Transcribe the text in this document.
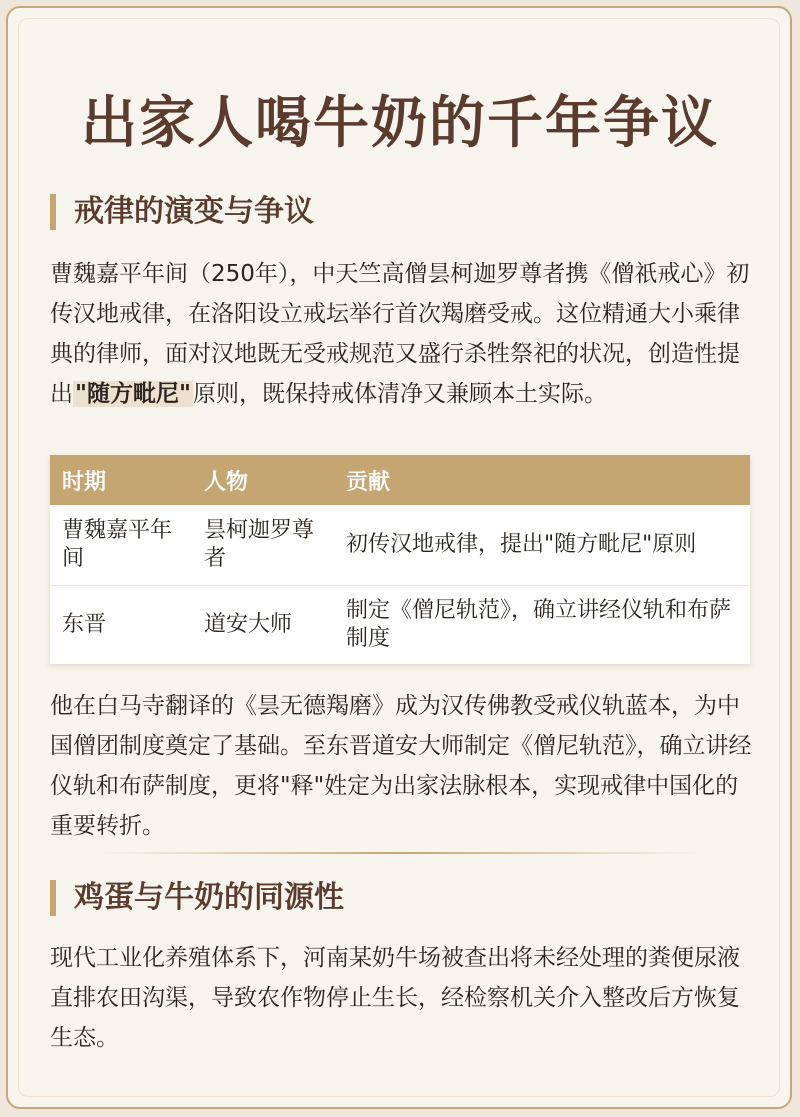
出家人喝牛奶的千年争议
戒律的演变与争议

曹魏嘉平年间（250年），中天竺高僧昙柯迦罗尊者携《僧祇戒心》初传汉地戒律，在洛阳设立戒坛举行首次羯磨受戒。这位精通大小乘律典的律师，面对汉地既无受戒规范又盛行杀牲祭祀的状况，创造性提出"随方毗尼"原则，既保持戒体清净又兼顾本土实际。

时期	人物	贡献
曹魏嘉平年间	昙柯迦罗尊者	初传汉地戒律，提出"随方毗尼"原则
东晋	道安大师	制定《僧尼轨范》，确立讲经仪轨和布萨制度

他在白马寺翻译的《昙无德羯磨》成为汉传佛教受戒仪轨蓝本，为中国僧团制度奠定了基础。至东晋道安大师制定《僧尼轨范》，确立讲经仪轨和布萨制度，更将"释"姓定为出家法脉根本，实现戒律中国化的重要转折。

鸡蛋与牛奶的同源性

现代工业化养殖体系下，河南某奶牛场被查出将未经处理的粪便尿液直排农田沟渠，导致农作物停止生长，经检察机关介入整改后方恢复生态。
